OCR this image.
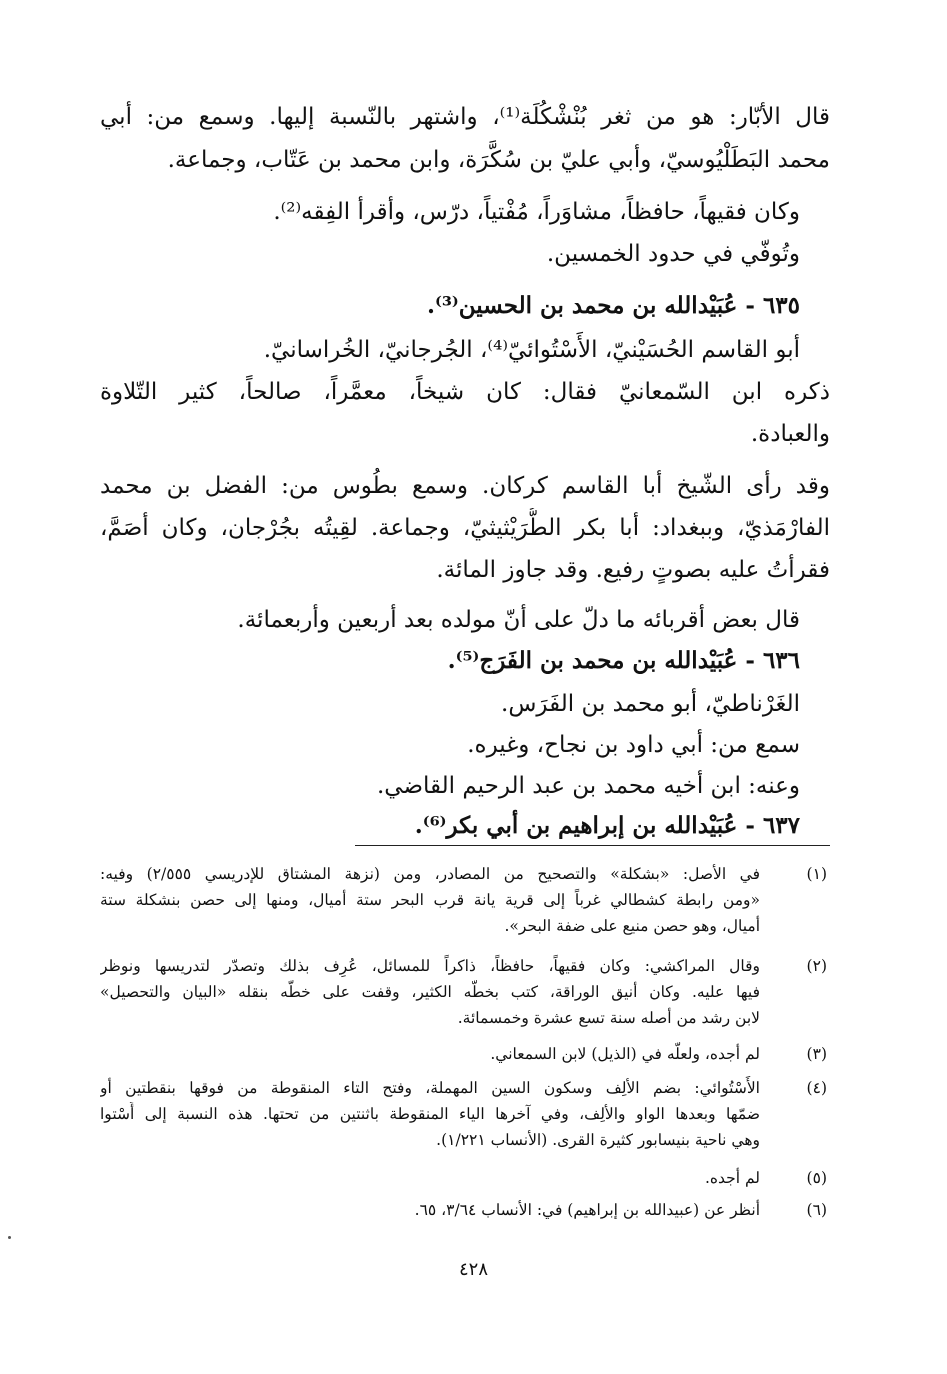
قال الأبّار: هو من ثغر بُنْشْكُلَة⁽¹⁾، واشتهر بالنّسبة إليها. وسمع من: أبي
محمد البَطَلْيُوسيّ، وأبي عليّ بن سُكَّرَة، وابن محمد بن عَتّاب، وجماعة.
وكان فقيهاً، حافظاً، مشاوَراً، مُفْتياً، درّس، وأقرأ الفِقه⁽²⁾.
وتُوفّي في حدود الخمسين.
٦٣٥ - عُبَيْدالله بن محمد بن الحسين⁽³⁾.
أبو القاسم الحُسَيْنيّ، الأَسْتُوائيّ⁽⁴⁾، الجُرجانيّ، الخُراسانيّ.
ذكره ابن السّمعانيّ فقال: كان شيخاً، معمَّراً، صالحاً، كثير التّلاوة
والعبادة.
وقد رأى الشّيخ أبا القاسم كركان. وسمع بطُوس من: الفضل بن محمد
الفارْمَذيّ، وببغداد: أبا بكر الطُّرَيْثيثيّ، وجماعة. لقِيتُه بجُرْجان، وكان أصَمَّ،
فقرأتُ عليه بصوتٍ رفيع. وقد جاوز المائة.
قال بعض أقربائه ما دلّ على أنّ مولده بعد أربعين وأربعمائة.
٦٣٦ - عُبَيْدالله بن محمد بن الفَرَج⁽⁵⁾.
الغَرْناطيّ، أبو محمد بن الفَرَس.
سمع من: أبي داود بن نجاح، وغيره.
وعنه: ابن أخيه محمد بن عبد الرحيم القاضي.
٦٣٧ - عُبَيْدالله بن إبراهيم بن أبي بكر⁽⁶⁾.
(١)
في الأصل: «بشكلة» والتصحيح من المصادر، ومن (نزهة المشتاق للإدريسي ٢/٥٥٥) وفيه:
«ومن رابطة كشطالي غرباً إلى قرية يانة قرب البحر ستة أميال، ومنها إلى حصن بنشكلة ستة
أميال، وهو حصن منيع على ضفة البحر».
(٢)
وقال المراكشي: وكان فقيهاً، حافظاً، ذاكراً للمسائل، عُرِف بذلك وتصدّر لتدريسها ونوظر
فيها عليه. وكان أنيق الوراقة، كتب بخطّه الكثير، وقفت على خطّه بنقله «البيان والتحصيل»
لابن رشد من أصله سنة تسع عشرة وخمسمائة.
(٣)
لم أجده، ولعلّه في (الذيل) لابن السمعاني.
(٤)
الأَسْتُوائي: بضم الألِف وسكون السين المهملة، وفتح التاء المنقوطة من فوقها بنقطتين أو
ضمّها وبعدها الواو والألِف، وفي آخرها الياء المنقوطة باثنتين من تحتها. هذه النسبة إلى أَسْتوا
وهي ناحية بنيسابور كثيرة القرى. (الأنساب ١/٢٢١).
(٥)
لم أجده.
(٦)
أنظر عن (عبيدالله بن إبراهيم) في: الأنساب ٣/٦٤، ٦٥.
٤٢٨
